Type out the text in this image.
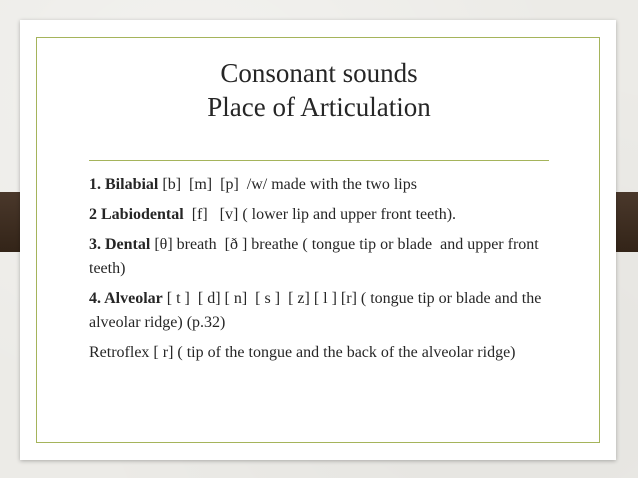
Consonant sounds
Place of Articulation

1. Bilabial [b]  [m]  [p]  /w/ made with the two lips

2 Labiodental  [f]   [v] ( lower lip and upper front teeth).

3. Dental [θ] breath  [ð ] breathe ( tongue tip or blade  and upper front teeth)

4. Alveolar [ t ]  [ d] [ n]  [ s ]  [ z] [ l ] [r] ( tongue tip or blade and the alveolar ridge) (p.32)

Retroflex [ r] ( tip of the tongue and the back of the alveolar ridge)
